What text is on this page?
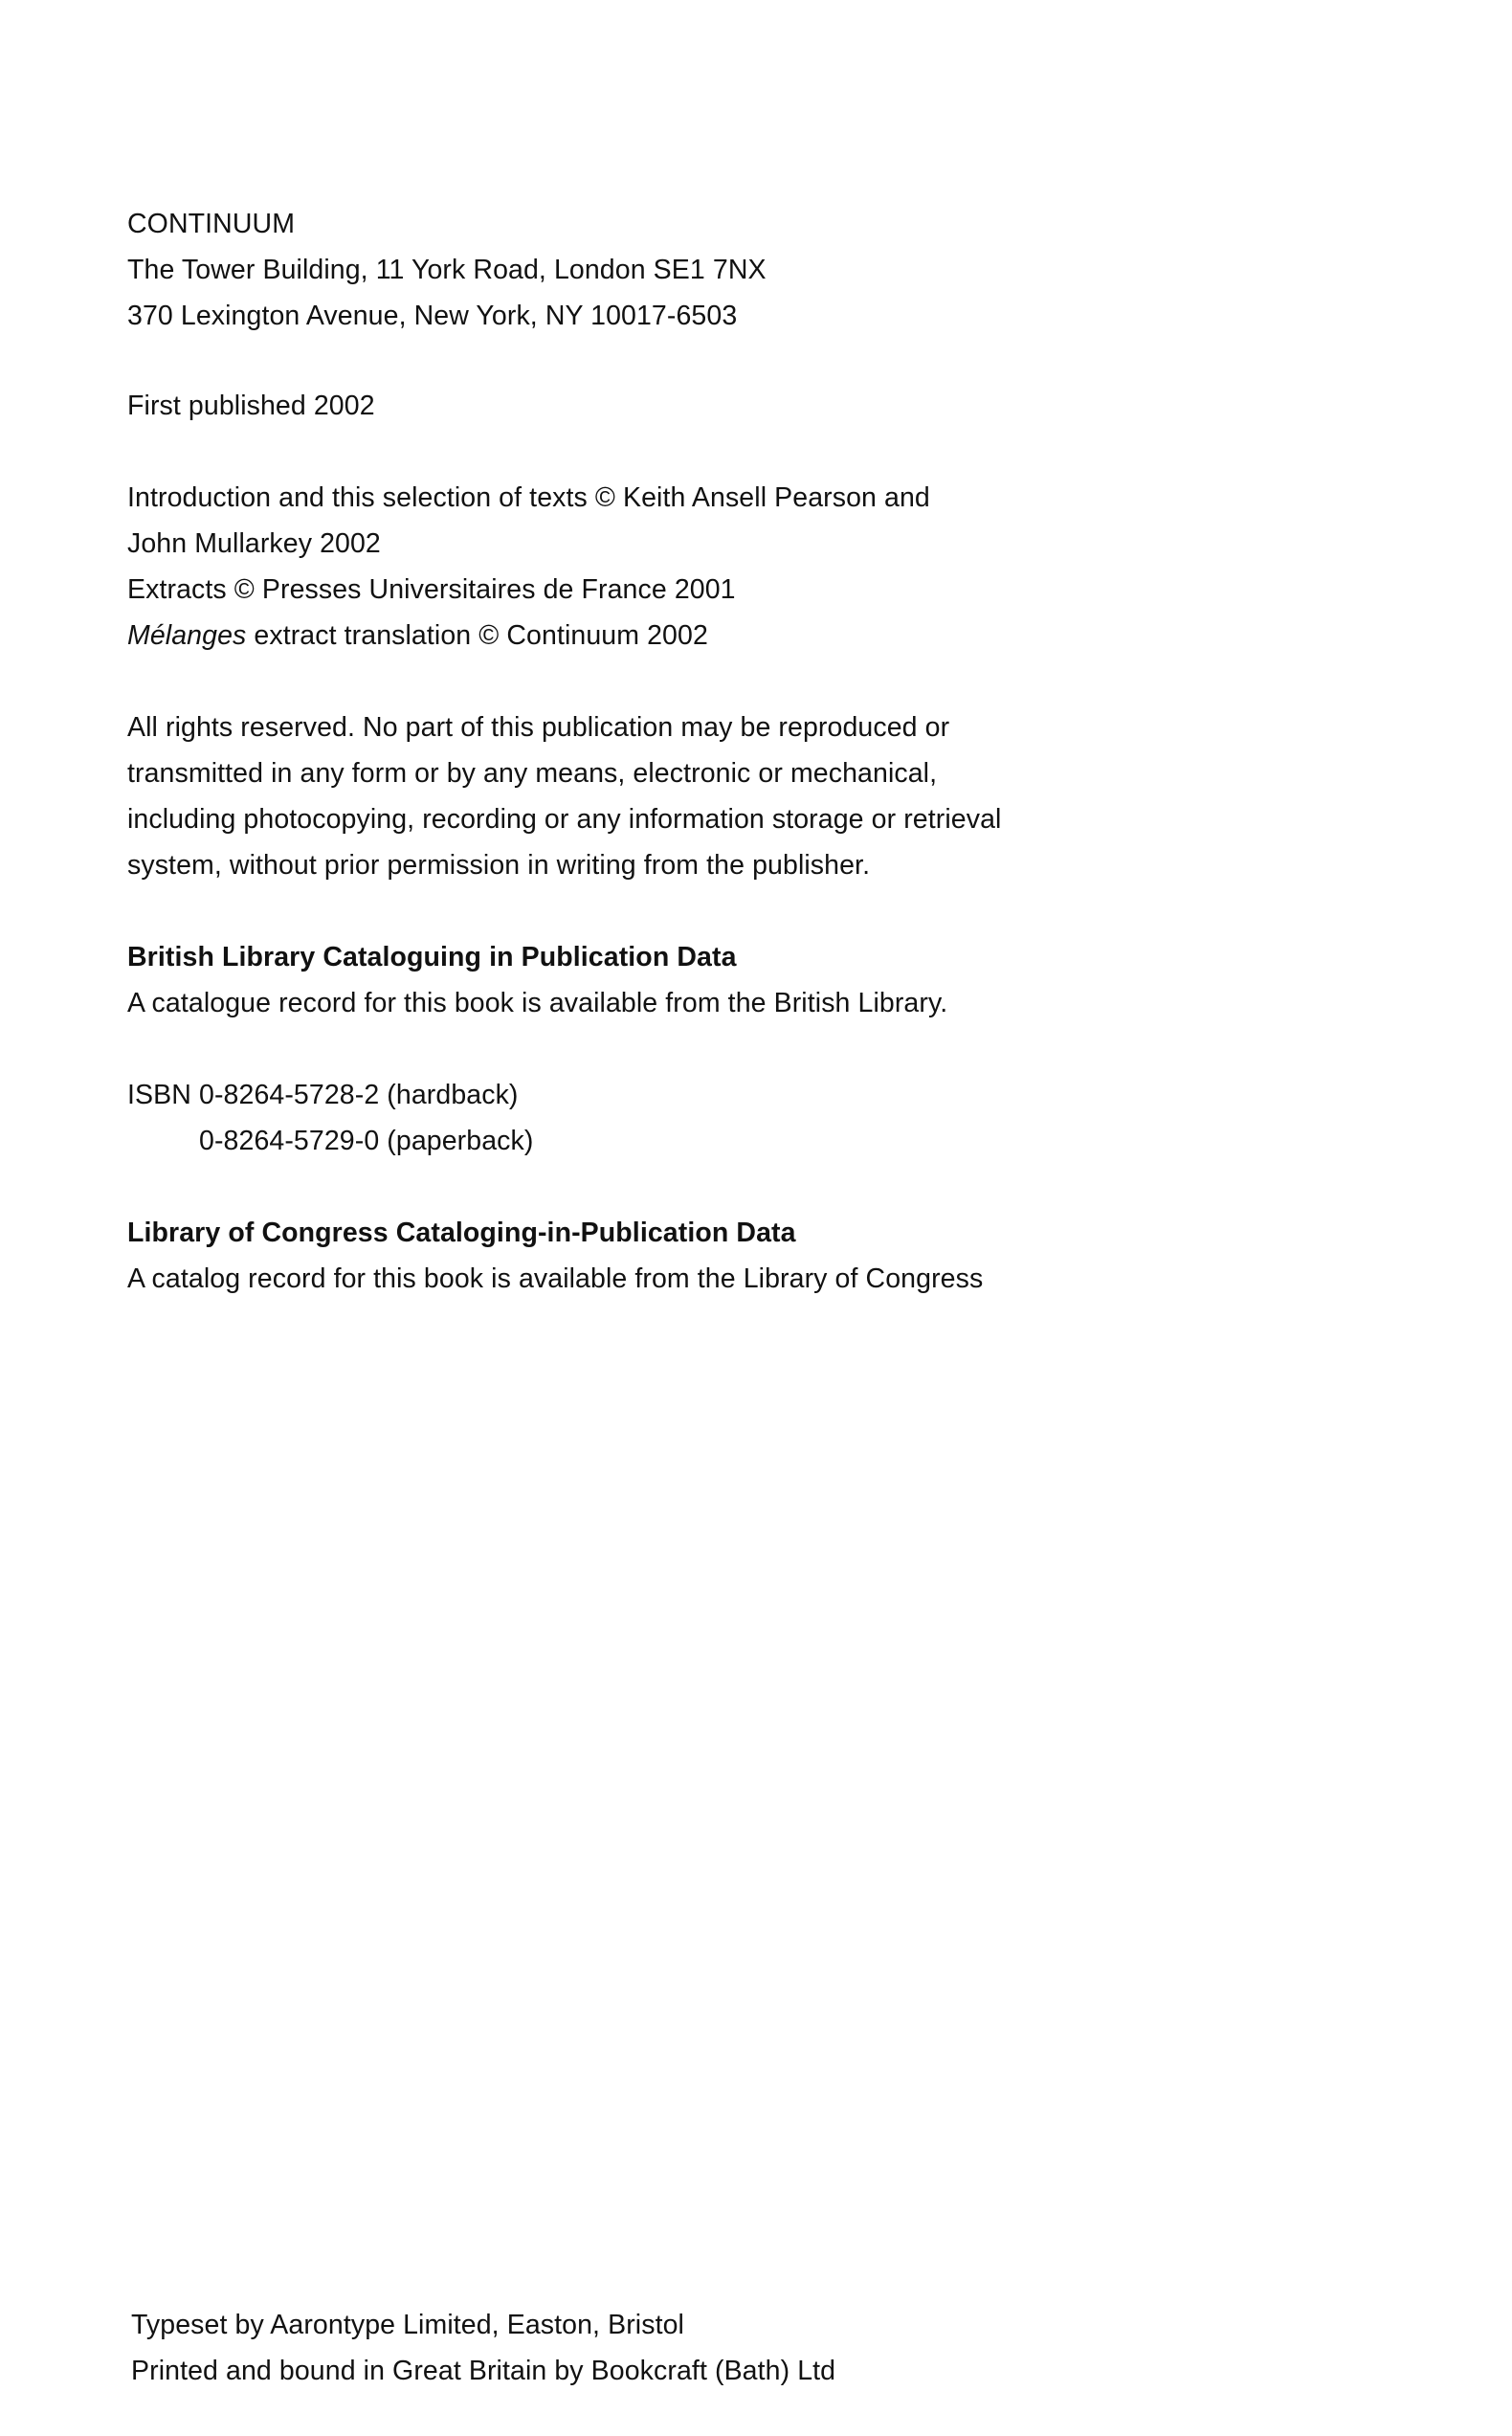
CONTINUUM
The Tower Building, 11 York Road, London SE1 7NX
370 Lexington Avenue, New York, NY 10017-6503
First published 2002
Introduction and this selection of texts © Keith Ansell Pearson and
John Mullarkey 2002
Extracts © Presses Universitaires de France 2001
Mélanges extract translation © Continuum 2002
All rights reserved. No part of this publication may be reproduced or
transmitted in any form or by any means, electronic or mechanical,
including photocopying, recording or any information storage or retrieval
system, without prior permission in writing from the publisher.
British Library Cataloguing in Publication Data
A catalogue record for this book is available from the British Library.
ISBN 0-8264-5728-2 (hardback)
0-8264-5729-0 (paperback)
Library of Congress Cataloging-in-Publication Data
A catalog record for this book is available from the Library of Congress
Typeset by Aarontype Limited, Easton, Bristol
Printed and bound in Great Britain by Bookcraft (Bath) Ltd
